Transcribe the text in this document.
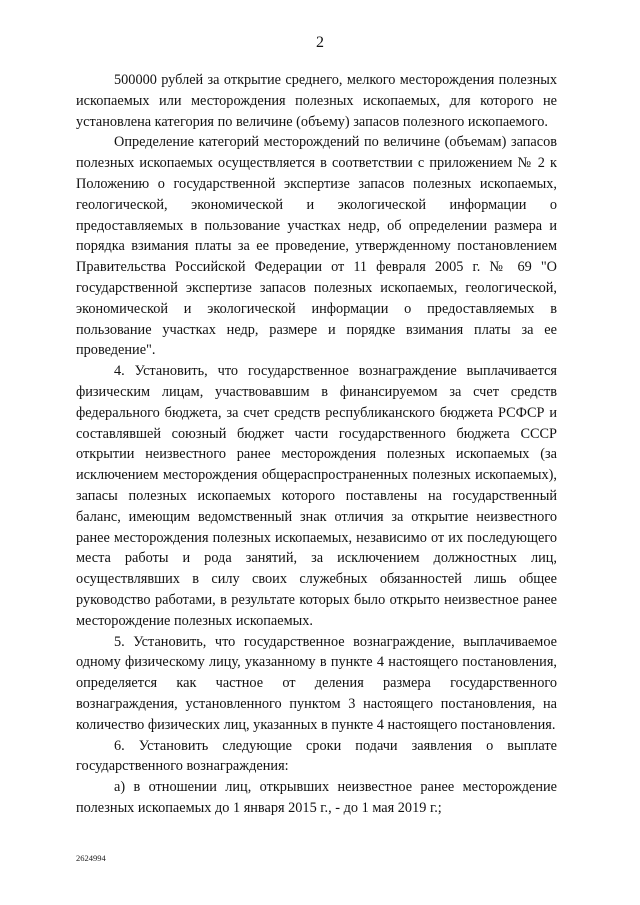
2

500000 рублей за открытие среднего, мелкого месторождения полезных ископаемых или месторождения полезных ископаемых, для которого не установлена категория по величине (объему) запасов полезного ископаемого.

Определение категорий месторождений по величине (объемам) запасов полезных ископаемых осуществляется в соответствии с приложением № 2 к Положению о государственной экспертизе запасов полезных ископаемых, геологической, экономической и экологической информации о предоставляемых в пользование участках недр, об определении размера и порядка взимания платы за ее проведение, утвержденному постановлением Правительства Российской Федерации от 11 февраля 2005 г. № 69 "О государственной экспертизе запасов полезных ископаемых, геологической, экономической и экологической информации о предоставляемых в пользование участках недр, размере и порядке взимания платы за ее проведение".

4. Установить, что государственное вознаграждение выплачивается физическим лицам, участвовавшим в финансируемом за счет средств федерального бюджета, за счет средств республиканского бюджета РСФСР и составлявшей союзный бюджет части государственного бюджета СССР открытии неизвестного ранее месторождения полезных ископаемых (за исключением месторождения общераспространенных полезных ископаемых), запасы полезных ископаемых которого поставлены на государственный баланс, имеющим ведомственный знак отличия за открытие неизвестного ранее месторождения полезных ископаемых, независимо от их последующего места работы и рода занятий, за исключением должностных лиц, осуществлявших в силу своих служебных обязанностей лишь общее руководство работами, в результате которых было открыто неизвестное ранее месторождение полезных ископаемых.

5. Установить, что государственное вознаграждение, выплачиваемое одному физическому лицу, указанному в пункте 4 настоящего постановления, определяется как частное от деления размера государственного вознаграждения, установленного пунктом 3 настоящего постановления, на количество физических лиц, указанных в пункте 4 настоящего постановления.

6. Установить следующие сроки подачи заявления о выплате государственного вознаграждения:

а) в отношении лиц, открывших неизвестное ранее месторождение полезных ископаемых до 1 января 2015 г., - до 1 мая 2019 г.;

2624994
